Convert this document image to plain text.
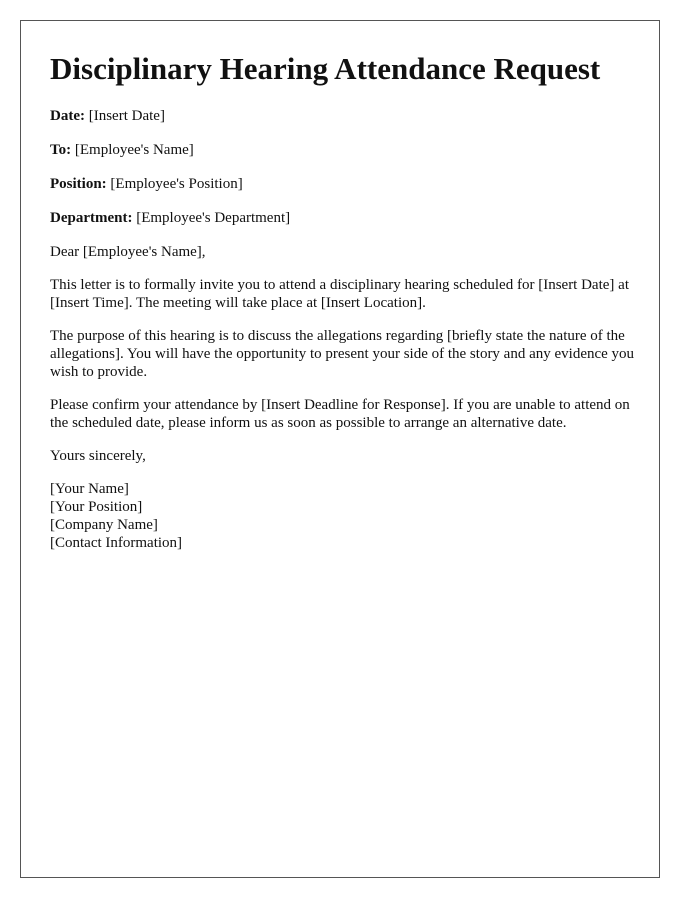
Disciplinary Hearing Attendance Request
Date: [Insert Date]
To: [Employee's Name]
Position: [Employee's Position]
Department: [Employee's Department]

Dear [Employee's Name],

This letter is to formally invite you to attend a disciplinary hearing scheduled for [Insert Date] at [Insert Time]. The meeting will take place at [Insert Location].

The purpose of this hearing is to discuss the allegations regarding [briefly state the nature of the allegations]. You will have the opportunity to present your side of the story and any evidence you wish to provide.

Please confirm your attendance by [Insert Deadline for Response]. If you are unable to attend on the scheduled date, please inform us as soon as possible to arrange an alternative date.

Yours sincerely,

[Your Name]
[Your Position]
[Company Name]
[Contact Information]
